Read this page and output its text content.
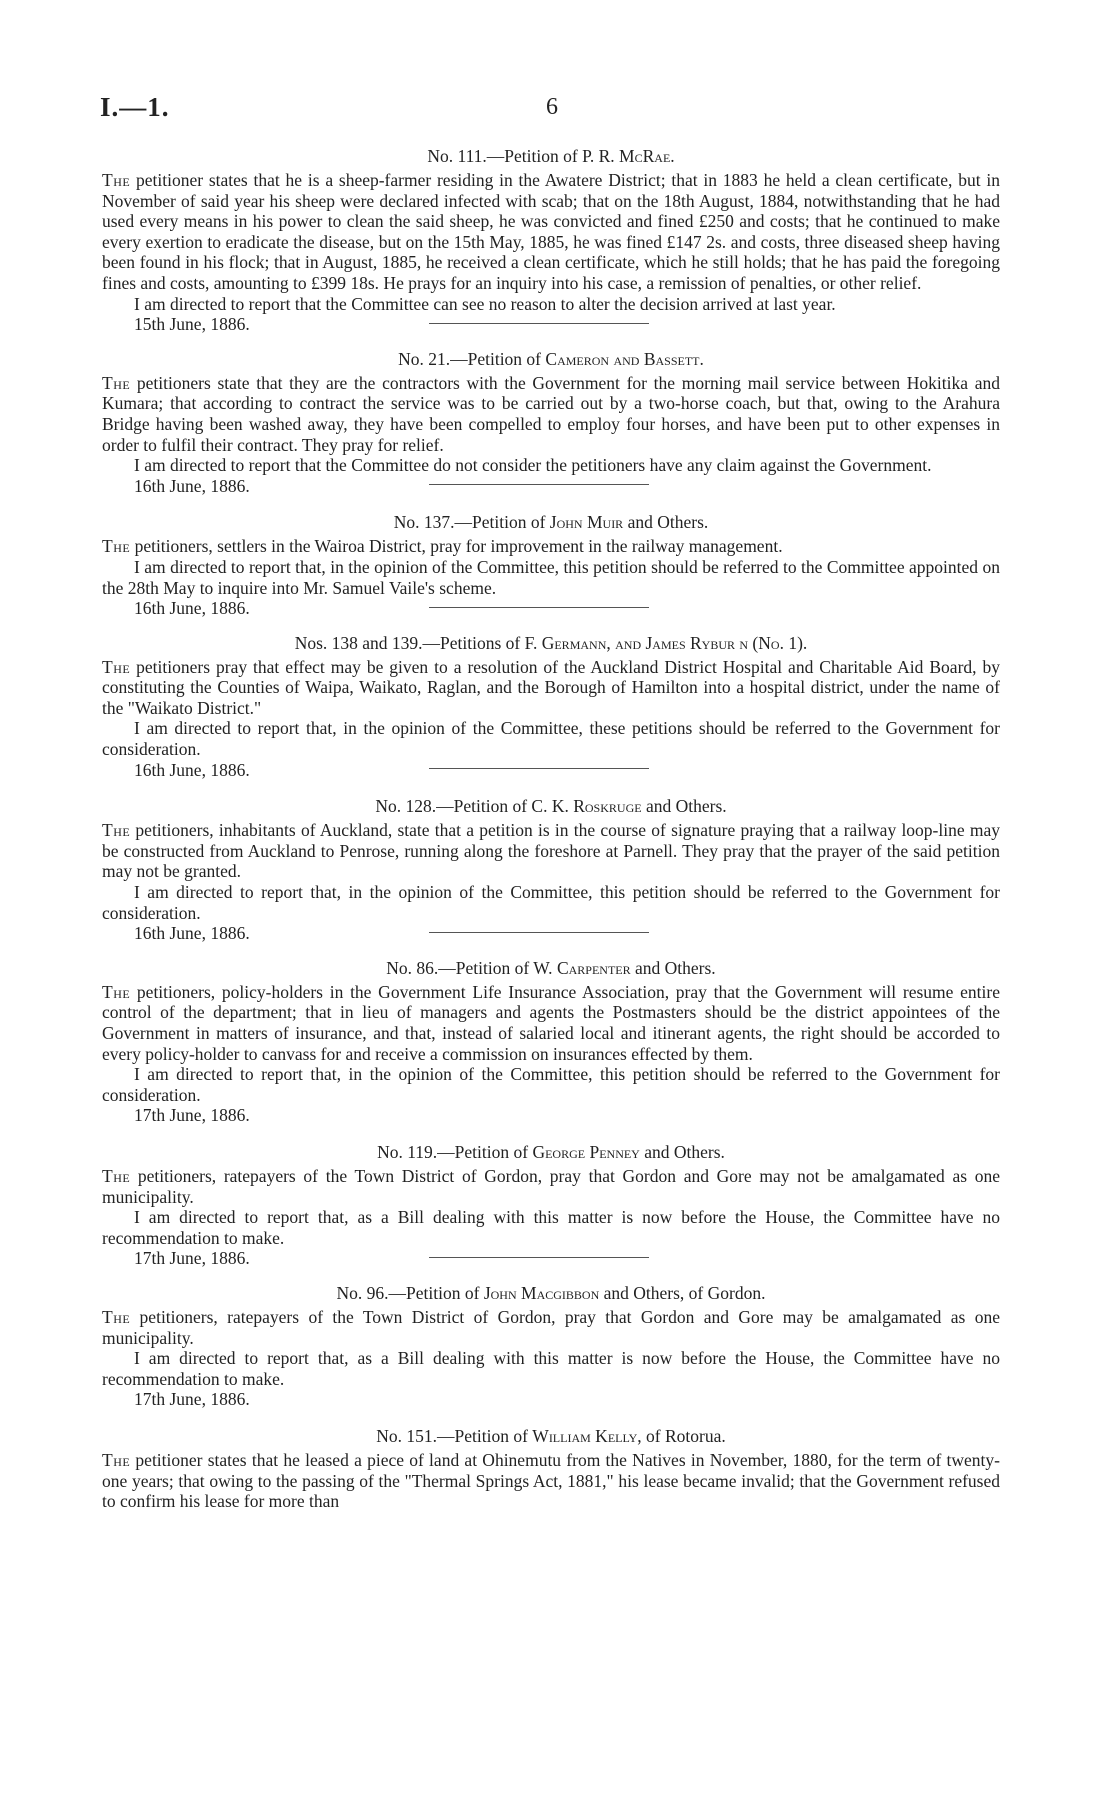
I.—1.	6
No. 111.—Petition of P. R. McRae.

The petitioner states that he is a sheep-farmer residing in the Awatere District; that in 1883 he held a clean certificate, but in November of said year his sheep were declared infected with scab; that on the 18th August, 1884, notwithstanding that he had used every means in his power to clean the said sheep, he was convicted and fined £250 and costs; that he continued to make every exertion to eradicate the disease, but on the 15th May, 1885, he was fined £147 2s. and costs, three diseased sheep having been found in his flock; that in August, 1885, he received a clean certificate, which he still holds; that he has paid the foregoing fines and costs, amounting to £399 18s. He prays for an inquiry into his case, a remission of penalties, or other relief.

I am directed to report that the Committee can see no reason to alter the decision arrived at last year.

15th June, 1886.

No. 21.—Petition of Cameron and Bassett.

The petitioners state that they are the contractors with the Government for the morning mail service between Hokitika and Kumara; that according to contract the service was to be carried out by a two-horse coach, but that, owing to the Arahura Bridge having been washed away, they have been compelled to employ four horses, and have been put to other expenses in order to fulfil their contract. They pray for relief.

I am directed to report that the Committee do not consider the petitioners have any claim against the Government.

16th June, 1886.

No. 137.—Petition of John Muir and Others.

The petitioners, settlers in the Wairoa District, pray for improvement in the railway management.

I am directed to report that, in the opinion of the Committee, this petition should be referred to the Committee appointed on the 28th May to inquire into Mr. Samuel Vaile's scheme.

16th June, 1886.

Nos. 138 and 139.—Petitions of F. Germann, and James Rybur n (No. 1).

The petitioners pray that effect may be given to a resolution of the Auckland District Hospital and Charitable Aid Board, by constituting the Counties of Waipa, Waikato, Raglan, and the Borough of Hamilton into a hospital district, under the name of the "Waikato District."

I am directed to report that, in the opinion of the Committee, these petitions should be referred to the Government for consideration.

16th June, 1886.

No. 128.—Petition of C. K. Roskruge and Others.

The petitioners, inhabitants of Auckland, state that a petition is in the course of signature praying that a railway loop-line may be constructed from Auckland to Penrose, running along the foreshore at Parnell. They pray that the prayer of the said petition may not be granted.

I am directed to report that, in the opinion of the Committee, this petition should be referred to the Government for consideration.

16th June, 1886.

No. 86.—Petition of W. Carpenter and Others.

The petitioners, policy-holders in the Government Life Insurance Association, pray that the Government will resume entire control of the department; that in lieu of managers and agents the Postmasters should be the district appointees of the Government in matters of insurance, and that, instead of salaried local and itinerant agents, the right should be accorded to every policy-holder to canvass for and receive a commission on insurances effected by them.

I am directed to report that, in the opinion of the Committee, this petition should be referred to the Government for consideration.

17th June, 1886.

No. 119.—Petition of George Penney and Others.

The petitioners, ratepayers of the Town District of Gordon, pray that Gordon and Gore may not be amalgamated as one municipality.

I am directed to report that, as a Bill dealing with this matter is now before the House, the Committee have no recommendation to make.

17th June, 1886.

No. 96.—Petition of John Macgibbon and Others, of Gordon.

The petitioners, ratepayers of the Town District of Gordon, pray that Gordon and Gore may be amalgamated as one municipality.

I am directed to report that, as a Bill dealing with this matter is now before the House, the Committee have no recommendation to make.

17th June, 1886.

No. 151.—Petition of William Kelly, of Rotorua.

The petitioner states that he leased a piece of land at Ohinemutu from the Natives in November, 1880, for the term of twenty-one years; that owing to the passing of the "Thermal Springs Act, 1881," his lease became invalid; that the Government refused to confirm his lease for more than
